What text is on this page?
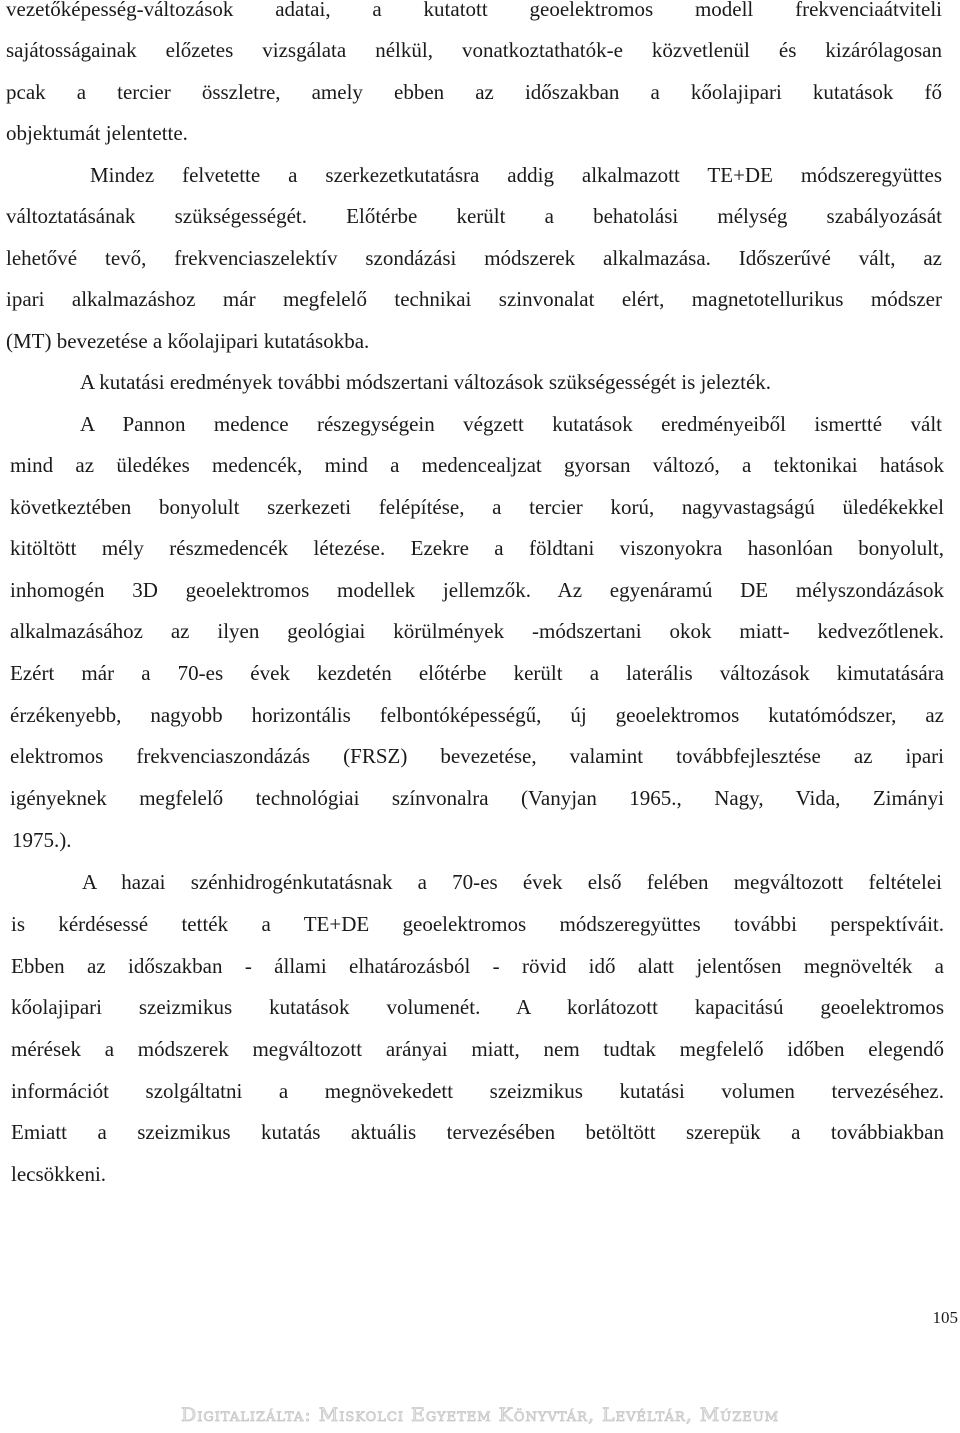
vezetőképesség-változások adatai, a kutatott geoelektromos modell frekvenciaátviteli
sajátosságainak előzetes vizsgálata nélkül, vonatkoztathatók-e közvetlenül és kizárólagosan
pcak a tercier összletre, amely ebben az időszakban a kőolajipari kutatások fő
objektumát jelentette.
Mindez felvetette a szerkezetkutatásra addig alkalmazott TE+DE módszeregyüttes
változtatásának szükségességét. Előtérbe került a behatolási mélység szabályozását
lehetővé tevő, frekvenciaszelektív szondázási módszerek alkalmazása. Időszerűvé vált, az
ipari alkalmazáshoz már megfelelő technikai szinvonalat elért, magnetotellurikus módszer
(MT) bevezetése a kőolajipari kutatásokba.
A kutatási eredmények további módszertani változások szükségességét is jelezték.
A Pannon medence részegységein végzett kutatások eredményeiből ismertté vált
mind az üledékes medencék, mind a medencealjzat gyorsan változó, a tektonikai hatások
következtében bonyolult szerkezeti felépítése, a tercier korú, nagyvastagságú üledékekkel
kitöltött mély részmedencék létezése. Ezekre a földtani viszonyokra hasonlóan bonyolult,
inhomogén 3D geoelektromos modellek jellemzők. Az egyenáramú DE mélyszondázások
alkalmazásához az ilyen geológiai körülmények -módszertani okok miatt- kedvezőtlenek.
Ezért már a 70-es évek kezdetén előtérbe került a laterális változások kimutatására
érzékenyebb, nagyobb horizontális felbontóképességű, új geoelektromos kutatómódszer, az
elektromos frekvenciaszondázás (FRSZ) bevezetése, valamint továbbfejlesztése az ipari
igényeknek megfelelő technológiai színvonalra (Vanyjan 1965., Nagy, Vida, Zimányi
1975.).
A hazai szénhidrogénkutatásnak a 70-es évek első felében megváltozott feltételei
is kérdésessé tették a TE+DE geoelektromos módszeregyüttes további perspektíváit.
Ebben az időszakban - állami elhatározásból - rövid idő alatt jelentősen megnövelték a
kőolajipari szeizmikus kutatások volumenét. A korlátozott kapacitású geoelektromos
mérések a módszerek megváltozott arányai miatt, nem tudtak megfelelő időben elegendő
információt szolgáltatni a megnövekedett szeizmikus kutatási volumen tervezéséhez.
Emiatt a szeizmikus kutatás aktuális tervezésében betöltött szerepük a továbbiakban
lecsökkeni.
105
Digitalizálta: Miskolci Egyetem Könyvtár, Levéltár, Múzeum
